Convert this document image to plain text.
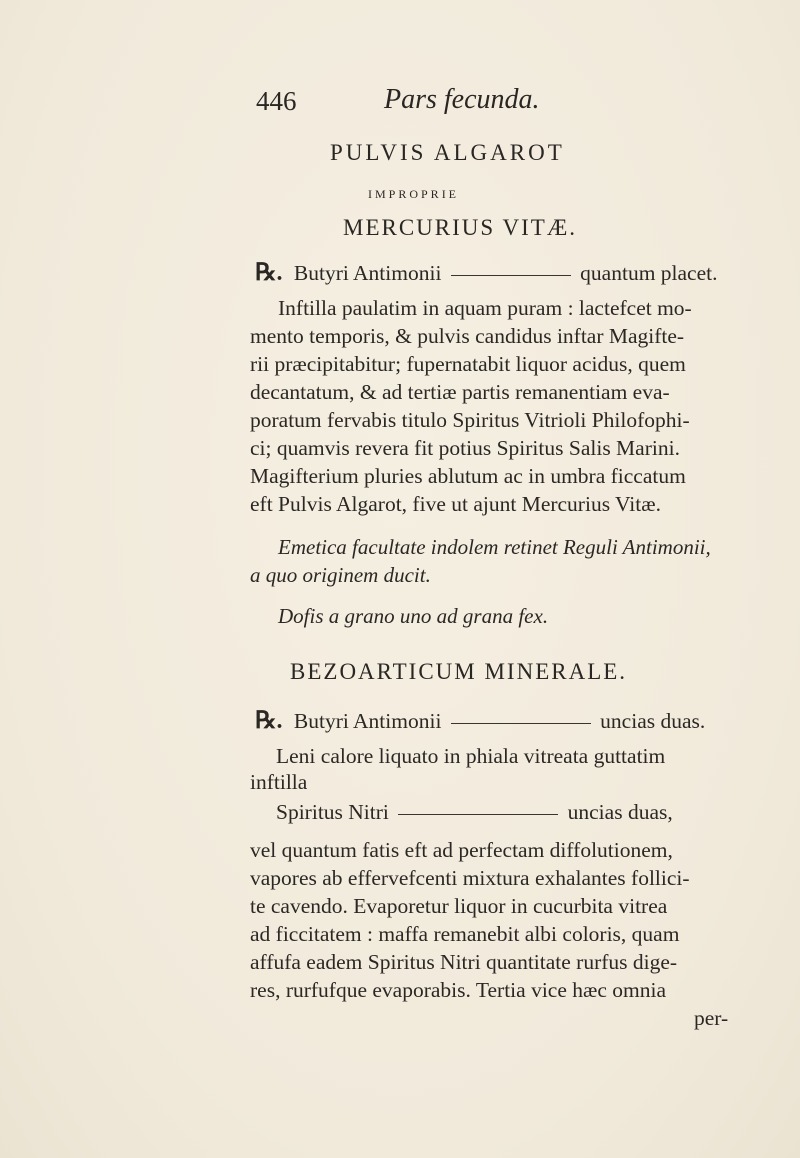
446	Pars fecunda.
PULVIS ALGAROT
IMPROPRIE
MERCURIUS VITÆ.
℞. Butyri Antimonii	quantum placet.
Inftilla paulatim in aquam puram : lactefcet mo-
mento temporis, & pulvis candidus inftar Magifte-
rii præcipitabitur; fupernatabit liquor acidus, quem
decantatum, & ad tertiæ partis remanentiam eva-
poratum fervabis titulo Spiritus Vitrioli Philofophi-
ci; quamvis revera fit potius Spiritus Salis Marini.
Magifterium pluries ablutum ac in umbra ficcatum
eft Pulvis Algarot, five ut ajunt Mercurius Vitæ.
Emetica facultate indolem retinet Reguli Antimonii,
a quo originem ducit.
Dofis a grano uno ad grana fex.
BEZOARTICUM MINERALE.
℞. Butyri Antimonii	uncias duas.
Leni calore liquato in phiala vitreata guttatim
inftilla
Spiritus Nitri	uncias duas,
vel quantum fatis eft ad perfectam diffolutionem,
vapores ab effervefcenti mixtura exhalantes follici-
te cavendo. Evaporetur liquor in cucurbita vitrea
ad ficcitatem : maffa remanebit albi coloris, quam
affufa eadem Spiritus Nitri quantitate rurfus dige-
res, rurfufque evaporabis. Tertia vice hæc omnia
per-
